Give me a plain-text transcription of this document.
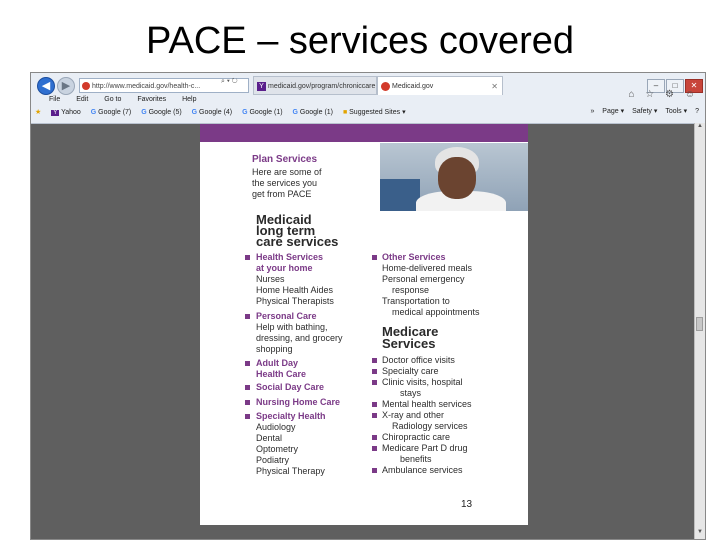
PACE – services covered
◀	▶	http://www.medicaid.gov/health-c...
⌕ ▾ ↻
Y medicaid.gov/program/chroniccare	Medicaid.gov	✕	– □ ✕
⌂ ☆ ⚙ ☺
File Edit Go to Favorites Help
★ Y Yahoo G Google (7) G Google (5) G Google (4) G Google (1) G Google (1) ■ Suggested Sites ▾	» Page ▾ Safety ▾ Tools ▾ ?
▲
▼
Plan Services
Here are some of
the services you
get from PACE
Medicaid
long term
care services
Health Services
at your home
Nurses
Home Health Aides
Physical Therapists
Personal Care
Help with bathing,
dressing, and grocery
shopping
Adult Day
Health Care
Social Day Care
Nursing Home Care
Specialty Health
Audiology
Dental
Optometry
Podiatry
Physical Therapy
Other Services
Home-delivered meals
Personal emergency
response
Transportation to
medical appointments
Medicare
Services
Doctor office visits
Specialty care
Clinic visits, hospital
stays
Mental health services
X-ray and other
Radiology services
Chiropractic care
Medicare Part D drug
benefits
Ambulance services
13
